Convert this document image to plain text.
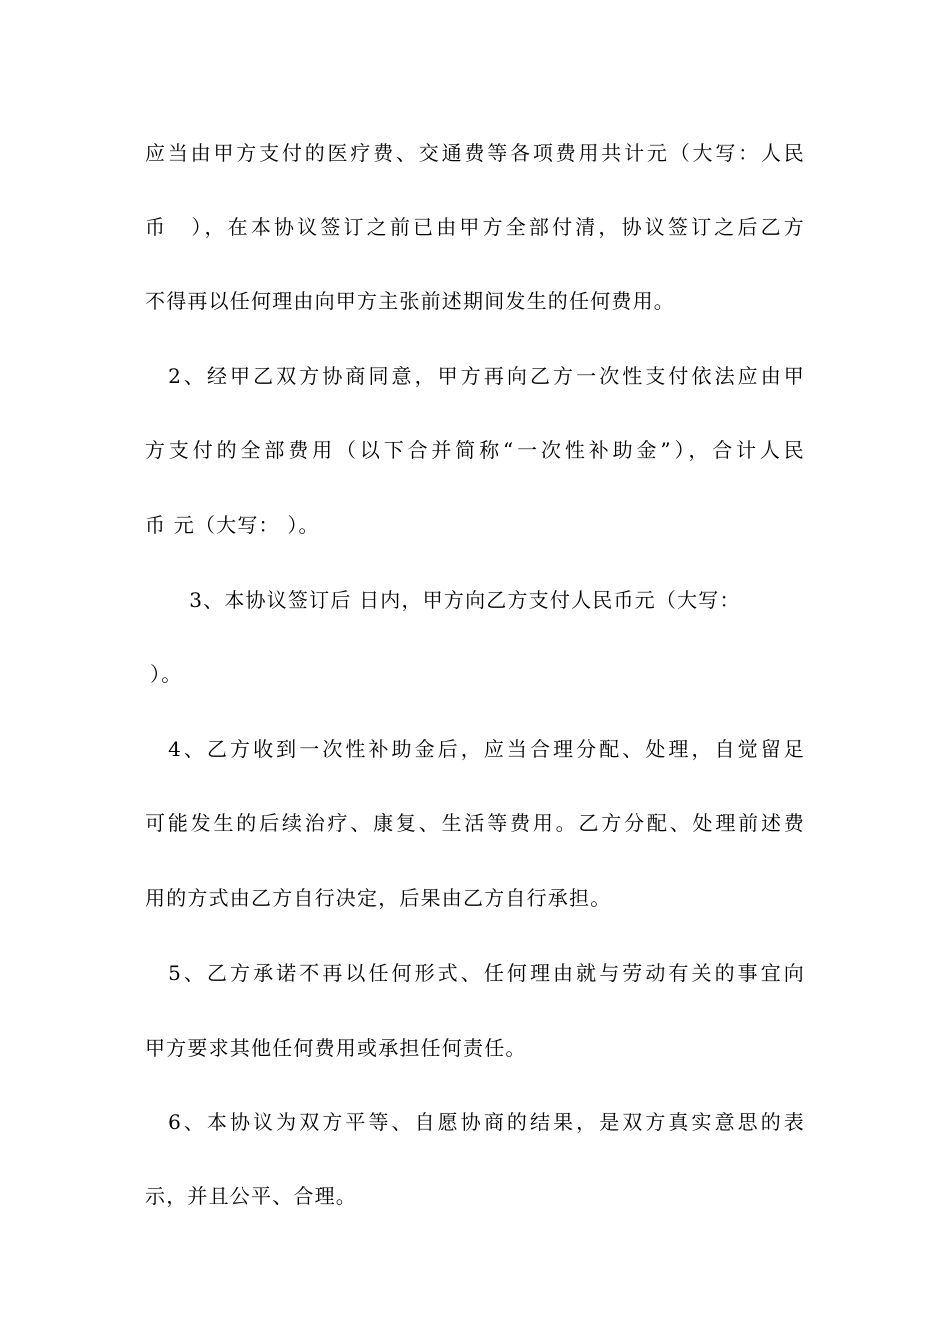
应当由甲方支付的医疗费、交通费等各项费用共计元（大写：人民
币　），在本协议签订之前已由甲方全部付清，协议签订之后乙方
不得再以任何理由向甲方主张前述期间发生的任何费用。
　2、经甲乙双方协商同意，甲方再向乙方一次性支付依法应由甲
方支付的全部费用（以下合并简称“一次性补助金”），合计人民
币 元（大写： ）。
　3、本协议签订后 日内，甲方向乙方支付人民币元（大写：
）。
　4、乙方收到一次性补助金后，应当合理分配、处理，自觉留足
可能发生的后续治疗、康复、生活等费用。乙方分配、处理前述费
用的方式由乙方自行决定，后果由乙方自行承担。
　5、乙方承诺不再以任何形式、任何理由就与劳动有关的事宜向
甲方要求其他任何费用或承担任何责任。
　6、本协议为双方平等、自愿协商的结果，是双方真实意思的表
示，并且公平、合理。
